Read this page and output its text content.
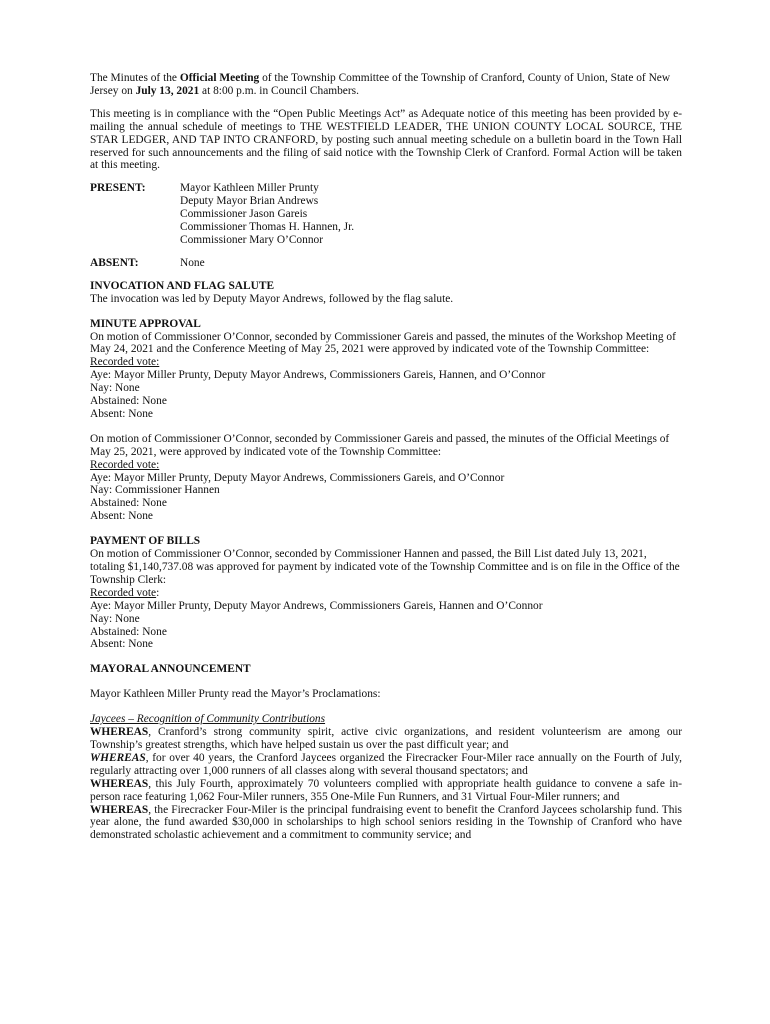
The Minutes of the Official Meeting of the Township Committee of the Township of Cranford, County of Union, State of New Jersey on July 13, 2021 at 8:00 p.m. in Council Chambers.

This meeting is in compliance with the “Open Public Meetings Act” as Adequate notice of this meeting has been provided by e-mailing the annual schedule of meetings to THE WESTFIELD LEADER, THE UNION COUNTY LOCAL SOURCE, THE STAR LEDGER, AND TAP INTO CRANFORD, by posting such annual meeting schedule on a bulletin board in the Town Hall reserved for such announcements and the filing of said notice with the Township Clerk of Cranford. Formal Action will be taken at this meeting.

PRESENT:	Mayor Kathleen Miller Prunty
Deputy Mayor Brian Andrews
Commissioner Jason Gareis
Commissioner Thomas H. Hannen, Jr.
Commissioner Mary O’Connor
ABSENT:	None
INVOCATION AND FLAG SALUTE

The invocation was led by Deputy Mayor Andrews, followed by the flag salute.

MINUTE APPROVAL

On motion of Commissioner O’Connor, seconded by Commissioner Gareis and passed, the minutes of the Workshop Meeting of May 24, 2021 and the Conference Meeting of May 25, 2021 were approved by indicated vote of the Township Committee:

Recorded vote:

Aye: Mayor Miller Prunty, Deputy Mayor Andrews, Commissioners Gareis, Hannen, and O’Connor

Nay: None

Abstained: None

Absent: None

On motion of Commissioner O’Connor, seconded by Commissioner Gareis and passed, the minutes of the Official Meetings of May 25, 2021, were approved by indicated vote of the Township Committee:

Recorded vote:

Aye: Mayor Miller Prunty, Deputy Mayor Andrews, Commissioners Gareis, and O’Connor

Nay: Commissioner Hannen

Abstained: None

Absent: None

PAYMENT OF BILLS

On motion of Commissioner O’Connor, seconded by Commissioner Hannen and passed, the Bill List dated July 13, 2021, totaling $1,140,737.08 was approved for payment by indicated vote of the Township Committee and is on file in the Office of the Township Clerk:

Recorded vote:

Aye: Mayor Miller Prunty, Deputy Mayor Andrews, Commissioners Gareis, Hannen and O’Connor

Nay: None

Abstained: None

Absent: None

MAYORAL ANNOUNCEMENT

Mayor Kathleen Miller Prunty read the Mayor’s Proclamations:

Jaycees – Recognition of Community Contributions

WHEREAS, Cranford’s strong community spirit, active civic organizations, and resident volunteerism are among our Township’s greatest strengths, which have helped sustain us over the past difficult year; and

WHEREAS, for over 40 years, the Cranford Jaycees organized the Firecracker Four-Miler race annually on the Fourth of July, regularly attracting over 1,000 runners of all classes along with several thousand spectators; and

WHEREAS, this July Fourth, approximately 70 volunteers complied with appropriate health guidance to convene a safe in-person race featuring 1,062 Four-Miler runners, 355 One-Mile Fun Runners, and 31 Virtual Four-Miler runners; and

WHEREAS, the Firecracker Four-Miler is the principal fundraising event to benefit the Cranford Jaycees scholarship fund. This year alone, the fund awarded $30,000 in scholarships to high school seniors residing in the Township of Cranford who have demonstrated scholastic achievement and a commitment to community service; and
